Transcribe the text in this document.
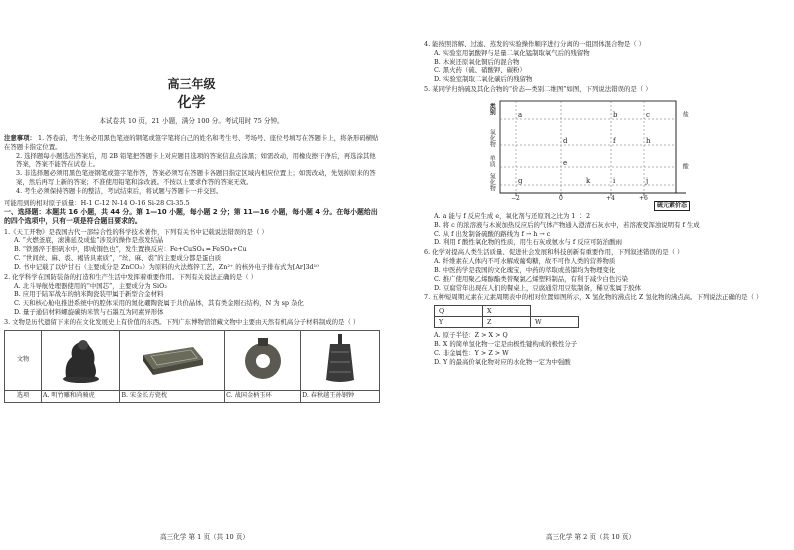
高三年级
化学
本试卷共 10 页，21 小题，满分 100 分。考试用时 75 分钟。

注意事项： 1. 答卷前，考生务必用黑色笔迹的钢笔或签字笔将自己的姓名和考生号、考场号、座位号填写在答题卡上，将条形码横贴在答题卡指定位置。

2. 选择题每小题选出答案后，用 2B 铅笔把答题卡上对应题目选项的答案信息点涂黑；如需改动，用橡皮擦干净后，再选涂其他答案，答案不能答在试卷上。

3. 非选择题必须用黑色笔迹钢笔或签字笔作答，答案必须写在答题卡各题目指定区域内相应位置上；如需改动，先划掉原来的答案，然后再写上新的答案；不准使用铅笔和涂改液。不按以上要求作答的答案无效。

4. 考生必须保持答题卡的整洁，考试结束后，将试题与答题卡一并交回。

可能用到的相对原子质量：H-1 C-12 N-14 O-16 Si-28 Cl-35.5

一、选择题：本题共 16 小题，共 44 分。第 1—10 小题，每小题 2 分；第 11—16 小题，每小题 4 分。在每小题给出的四个选项中，只有一项是符合题目要求的。

1.《天工开物》是我国古代一部综合性的科学技术著作，下列有关书中记载说法错误的是（ ）

A. “火燃釜底，滚沸延及成盐”涉及的操作是蒸发结晶

B. “铁器淬于胆矾水中，即成铜色也”，发生置换反应：Fe+CuSO₄ ═ FeSO₄+Cu

C. “世间丝、麻、裘、褐皆具素质”，“丝、麻、裘”的主要成分都是蛋白质

D. 书中记载了以炉甘石（主要成分是 ZnCO₃）为原料的火法炼锌工艺，Zn²⁺ 的核外电子排布式为[Ar]3d¹⁰

2. 化学科学在国防装备的打造和生产生活中发挥着重要作用。下列有关说法正确的是（ ）

A. 北斗导航处理器使用的“中国芯”，主要成分为 SiO₂

B. 应用于陆军战车的纳米陶瓷装甲属于新型合金材料

C. 天和核心舱电推进系统中的腔体采用的氮化硼陶瓷属于共价晶体，其有类金刚石结构，N 为 sp 杂化

D. 量子通信材料螺旋碳纳米管与石墨互为同素异形体

3. 文物是历代遗留下来的在文化发展史上有价值的东西。下列广东博物馆馆藏文物中主要由天然有机高分子材料制成的是（ ）

文物				
选项	A. 明竹雕和尚骑虎	B. 宋金长方瓷枕	C. 战国金柄玉环	D. 春秋越王孙钢钟
高三化学 第 1 页（共 10 页）

4. 能按照溶解、过滤、蒸发的实验操作顺序进行分离的一组固体混合物是（ ）

A. 实验室用氯酸钾与足量二氧化锰制取氧气后的残留物

B. 木炭还原氧化铜后的混合物

C. 黑火药（硫、硝酸钾、碳粉）

D. 实验室制取二氧化碳后的残留物

5. 某同学归纳硫及其化合物的“价态—类别二维图”如图，下列说法错误的是（ ）

类别
氧化物
单质
氢化物
盐
酸
a	b	c
d
e
f
g
h
i	j
k
−2	0	+4	+6
硫元素价态

A. a 能与 f 反应生成 e，氧化剂与还原剂之比为 1 ∶ 2

B. 将 c 的浓溶液与木炭加热反应后的气体产物通入澄清石灰水中，若溶液变浑浊说明有 f 生成

C. 从 f 出发制备硫酸的路线为 f → h → c

D. 利用 f 酸性氧化物的性质，用生石灰或氨水与 f 反应可防治酸雨

6. 化学对提高人类生活质量、促进社会发展和科技创新有重要作用，下列叙述错误的是（ ）

A. 纤维素在人体内不可水解成葡萄糖，故不可作人类的营养物质

B. 中医药学是我国的文化瑰宝，中药的萃取或蒸馏均为物理变化

C. 推广使用聚乙烯醇酯类替聚氯乙烯塑料制品，有利于减少白色污染

D. 豆腐常年出现在人们的餐桌上，豆腐通常用豆浆制备，稀豆浆属于胶体

7. 五种短周期元素在元素周期表中的相对位置如图所示，X 氢化物的沸点比 Z 氢化物的沸点高。下列说法正确的是（ ）

Q	X	
Y	Z	W

A. 原子半径：Z > X > Q

B. X 的简单氢化物一定是由极性键构成的极性分子

C. 非金属性：Y > Z > W

D. Y 的最高价氧化物对应的水化物一定为中强酸

高三化学 第 2 页（共 10 页）
